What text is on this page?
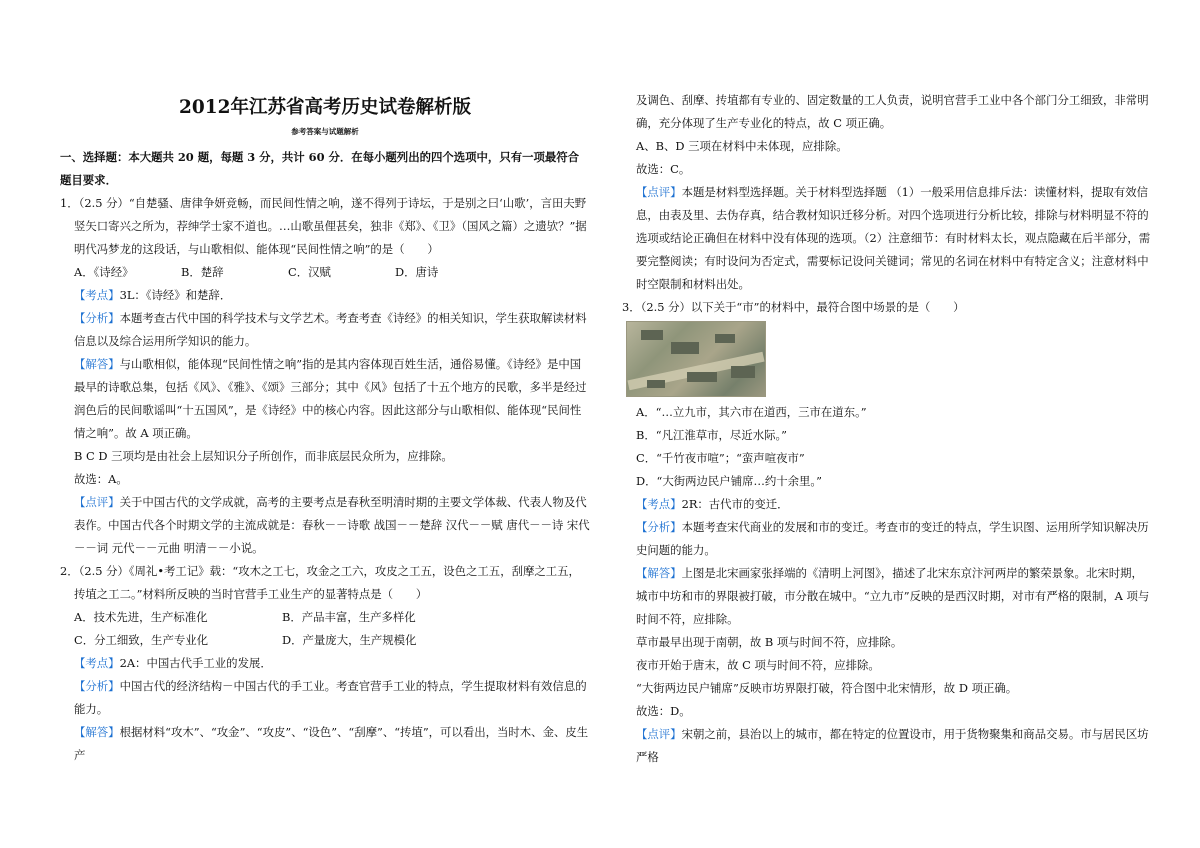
2012年江苏省高考历史试卷解析版
参考答案与试题解析

一、选择题：本大题共 20 题，每题 3 分，共计 60 分．在每小题列出的四个选项中，只有一项最符合题目要求．

1．（2.5 分）“自楚骚、唐律争妍竞畅，而民间性情之响，遂不得列于诗坛，于是别之曰‘山歌’，言田夫野竖矢口寄兴之所为，荐绅学士家不道也。…山歌虽俚甚矣，独非《郑》、《卫》（国风之篇）之遗欤？”据明代冯梦龙的这段话，与山歌相似、能体现“民间性情之响”的是（　　）

A．《诗经》	B．楚辞	C．汉赋	D．唐诗

【考点】3L：《诗经》和楚辞．

【分析】本题考查古代中国的科学技术与文学艺术。考查考查《诗经》的相关知识，学生获取解读材料信息以及综合运用所学知识的能力。

【解答】与山歌相似，能体现“民间性情之响”指的是其内容体现百姓生活，通俗易懂。《诗经》是中国最早的诗歌总集，包括《风》、《雅》、《颂》三部分；其中《风》包括了十五个地方的民歌，多半是经过润色后的民间歌谣叫“十五国风”，是《诗经》中的核心内容。因此这部分与山歌相似、能体现“民间性情之响”。故 A 项正确。

B C D 三项均是由社会上层知识分子所创作，而非底层民众所为，应排除。

故选：A。

【点评】关于中国古代的文学成就，高考的主要考点是春秋至明清时期的主要文学体裁、代表人物及代表作。中国古代各个时期文学的主流成就是：春秋－－诗歌 战国－－楚辞 汉代－－赋 唐代－－诗 宋代－－词 元代－－元曲 明清－－小说。

2．（2.5 分）《周礼•考工记》载：“攻木之工七，攻金之工六，攻皮之工五，设色之工五，刮摩之工五，抟埴之工二。”材料所反映的当时官营手工业生产的显著特点是（　　）

A．技术先进，生产标准化	B．产品丰富，生产多样化
C．分工细致，生产专业化	D．产量庞大，生产规模化

【考点】2A：中国古代手工业的发展．

【分析】中国古代的经济结构－中国古代的手工业。考查官营手工业的特点，学生提取材料有效信息的能力。

【解答】根据材料“攻木”、“攻金”、“攻皮”、“设色”、“刮摩”、“抟埴”，可以看出，当时木、金、皮生产

及调色、刮摩、抟埴都有专业的、固定数量的工人负责，说明官营手工业中各个部门分工细致，非常明确，充分体现了生产专业化的特点，故 C 项正确。

A、B、D 三项在材料中未体现，应排除。

故选：C。

【点评】本题是材料型选择题。关于材料型选择题 （1）一般采用信息排斥法：读懂材料，提取有效信息，由表及里、去伪存真，结合教材知识迁移分析。对四个选项进行分析比较，排除与材料明显不符的选项或结论正确但在材料中没有体现的选项。（2）注意细节：有时材料太长，观点隐藏在后半部分，需要完整阅读；有时设问为否定式，需要标记设问关键词；常见的名词在材料中有特定含义；注意材料中时空限制和材料出处。

3．（2.5 分）以下关于“市”的材料中，最符合图中场景的是（　　）

A．“…立九市，其六市在道西，三市在道东。”

B．“凡江淮草市，尽近水际。”

C．“千竹夜市喧”；“蛮声喧夜市”

D．“大街两边民户铺席…约十余里。”

【考点】2R：古代市的变迁．

【分析】本题考查宋代商业的发展和市的变迁。考查市的变迁的特点，学生识图、运用所学知识解决历史问题的能力。

【解答】上图是北宋画家张择端的《清明上河图》，描述了北宋东京汴河两岸的繁荣景象。北宋时期，城市中坊和市的界限被打破，市分散在城中。“立九市”反映的是西汉时期，对市有严格的限制，A 项与时间不符，应排除。

草市最早出现于南朝，故 B 项与时间不符，应排除。

夜市开始于唐末，故 C 项与时间不符，应排除。

“大街两边民户铺席”反映市坊界限打破，符合图中北宋情形，故 D 项正确。

故选：D。

【点评】宋朝之前，县治以上的城市，都在特定的位置设市，用于货物聚集和商品交易。市与居民区坊严格
